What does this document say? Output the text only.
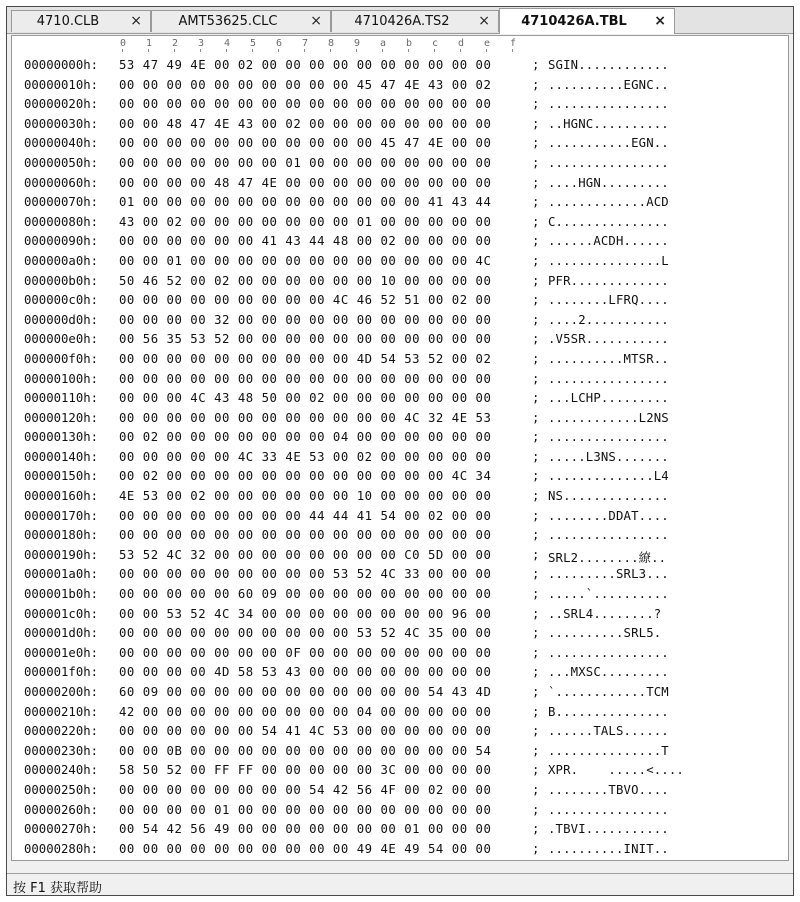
4710.CLB	×	AMT53625.CLC	×	4710426A.TS2	×	4710426A.TBL	×
0 1 2 3 4 5 6 7 8 9 a b c d e f
00000000h: 53 47 49 4E 00 02 00 00 00 00 00 00 00 00 00 00	; SGIN............
00000010h: 00 00 00 00 00 00 00 00 00 00 45 47 4E 43 00 02	; ..........EGNC..
00000020h: 00 00 00 00 00 00 00 00 00 00 00 00 00 00 00 00	; ................
00000030h: 00 00 48 47 4E 43 00 02 00 00 00 00 00 00 00 00	; ..HGNC..........
00000040h: 00 00 00 00 00 00 00 00 00 00 00 45 47 4E 00 00	; ...........EGN..
00000050h: 00 00 00 00 00 00 00 01 00 00 00 00 00 00 00 00	; ................
00000060h: 00 00 00 00 48 47 4E 00 00 00 00 00 00 00 00 00	; ....HGN.........
00000070h: 01 00 00 00 00 00 00 00 00 00 00 00 00 41 43 44	; .............ACD
00000080h: 43 00 02 00 00 00 00 00 00 00 01 00 00 00 00 00	; C...............
00000090h: 00 00 00 00 00 00 41 43 44 48 00 02 00 00 00 00	; ......ACDH......
000000a0h: 00 00 01 00 00 00 00 00 00 00 00 00 00 00 00 4C	; ...............L
000000b0h: 50 46 52 00 02 00 00 00 00 00 00 10 00 00 00 00	; PFR.............
000000c0h: 00 00 00 00 00 00 00 00 00 4C 46 52 51 00 02 00	; ........LFRQ....
000000d0h: 00 00 00 00 32 00 00 00 00 00 00 00 00 00 00 00	; ....2...........
000000e0h: 00 56 35 53 52 00 00 00 00 00 00 00 00 00 00 00	; .V5SR...........
000000f0h: 00 00 00 00 00 00 00 00 00 00 4D 54 53 52 00 02	; ..........MTSR..
00000100h: 00 00 00 00 00 00 00 00 00 00 00 00 00 00 00 00	; ................
00000110h: 00 00 00 4C 43 48 50 00 02 00 00 00 00 00 00 00	; ...LCHP.........
00000120h: 00 00 00 00 00 00 00 00 00 00 00 00 4C 32 4E 53	; ............L2NS
00000130h: 00 02 00 00 00 00 00 00 00 04 00 00 00 00 00 00	; ................
00000140h: 00 00 00 00 00 4C 33 4E 53 00 02 00 00 00 00 00	; .....L3NS.......
00000150h: 00 02 00 00 00 00 00 00 00 00 00 00 00 00 4C 34	; ..............L4
00000160h: 4E 53 00 02 00 00 00 00 00 00 10 00 00 00 00 00	; NS..............
00000170h: 00 00 00 00 00 00 00 00 44 44 41 54 00 02 00 00	; ........DDAT....
00000180h: 00 00 00 00 00 00 00 00 00 00 00 00 00 00 00 00	; ................
00000190h: 53 52 4C 32 00 00 00 00 00 00 00 00 C0 5D 00 00	; SRL2........繚..
000001a0h: 00 00 00 00 00 00 00 00 00 53 52 4C 33 00 00 00	; .........SRL3...
000001b0h: 00 00 00 00 00 60 09 00 00 00 00 00 00 00 00 00	; .....`..........
000001c0h: 00 00 53 52 4C 34 00 00 00 00 00 00 00 00 96 00	; ..SRL4........?
000001d0h: 00 00 00 00 00 00 00 00 00 00 53 52 4C 35 00 00	; ..........SRL5.
000001e0h: 00 00 00 00 00 00 00 0F 00 00 00 00 00 00 00 00	; ................
000001f0h: 00 00 00 00 4D 58 53 43 00 00 00 00 00 00 00 00	; ...MXSC.........
00000200h: 60 09 00 00 00 00 00 00 00 00 00 00 00 54 43 4D	; `............TCM
00000210h: 42 00 00 00 00 00 00 00 00 00 04 00 00 00 00 00	; B...............
00000220h: 00 00 00 00 00 00 54 41 4C 53 00 00 00 00 00 00	; ......TALS......
00000230h: 00 00 0B 00 00 00 00 00 00 00 00 00 00 00 00 54	; ...............T
00000240h: 58 50 52 00 FF FF 00 00 00 00 00 3C 00 00 00 00	; XPR.    .....<....
00000250h: 00 00 00 00 00 00 00 00 54 42 56 4F 00 02 00 00	; ........TBVO....
00000260h: 00 00 00 00 01 00 00 00 00 00 00 00 00 00 00 00	; ................
00000270h: 00 54 42 56 49 00 00 00 00 00 00 00 01 00 00 00	; .TBVI...........
00000280h: 00 00 00 00 00 00 00 00 00 00 49 4E 49 54 00 00	; ..........INIT..
按 F1 获取帮助
